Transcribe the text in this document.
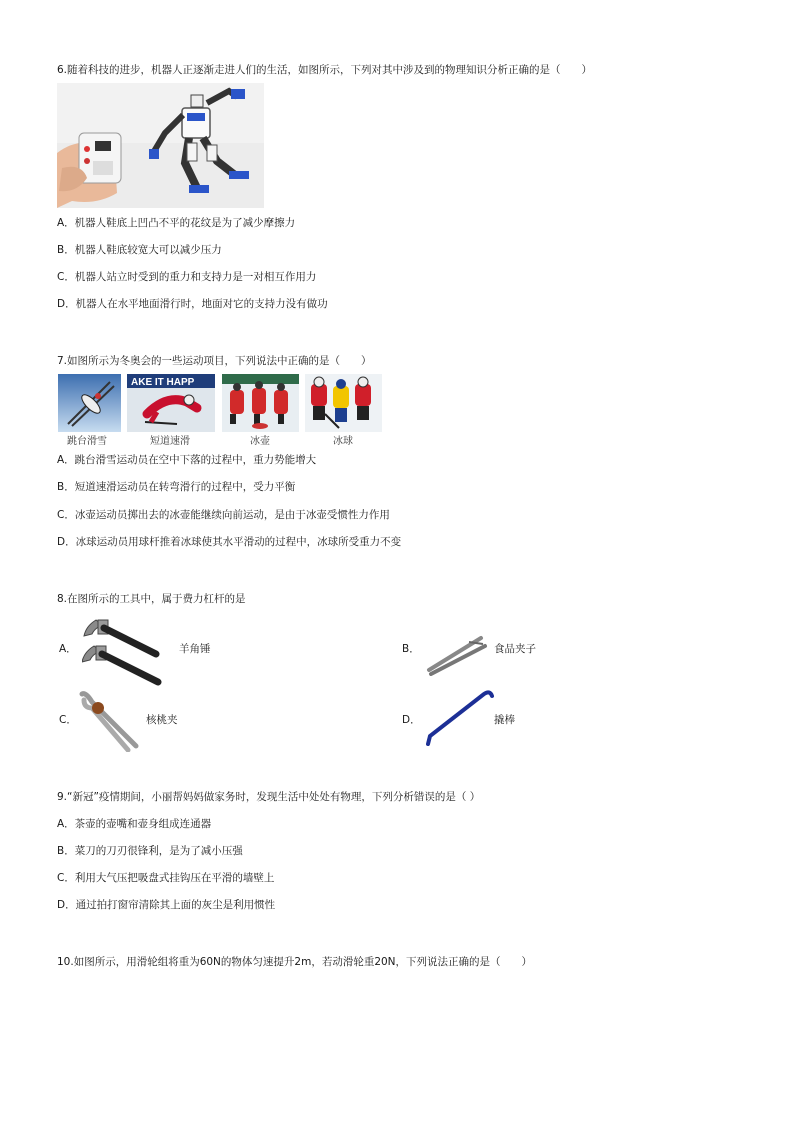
6.随着科技的进步，机器人正逐渐走进人们的生活，如图所示，下列对其中涉及到的物理知识分析正确的是（　　）
A．机器人鞋底上凹凸不平的花纹是为了减少摩擦力
B．机器人鞋底较宽大可以减少压力
C．机器人站立时受到的重力和支持力是一对相互作用力
D．机器人在水平地面滑行时，地面对它的支持力没有做功
7.如图所示为冬奥会的一些运动项目，下列说法中正确的是（　　）
AKE IT HAPP
跳台滑雪	短道速滑	冰壶	冰球
A．跳台滑雪运动员在空中下落的过程中，重力势能增大
B．短道速滑运动员在转弯滑行的过程中，受力平衡
C．冰壶运动员掷出去的冰壶能继续向前运动，是由于冰壶受惯性力作用
D．冰球运动员用球杆推着冰球使其水平滑动的过程中，冰球所受重力不变
8.在图所示的工具中，属于费力杠杆的是
A．	羊角锤	B．	食品夹子
C．	核桃夹	D．	撬棒
9.“新冠”疫情期间，小丽帮妈妈做家务时，发现生活中处处有物理，下列分析错误的是（ ）
A．茶壶的壶嘴和壶身组成连通器
B．菜刀的刀刃很锋利，是为了减小压强
C．利用大气压把吸盘式挂钩压在平滑的墙壁上
D．通过拍打窗帘清除其上面的灰尘是利用惯性
10.如图所示，用滑轮组将重为60N的物体匀速提升2m，若动滑轮重20N，下列说法正确的是（　　）
